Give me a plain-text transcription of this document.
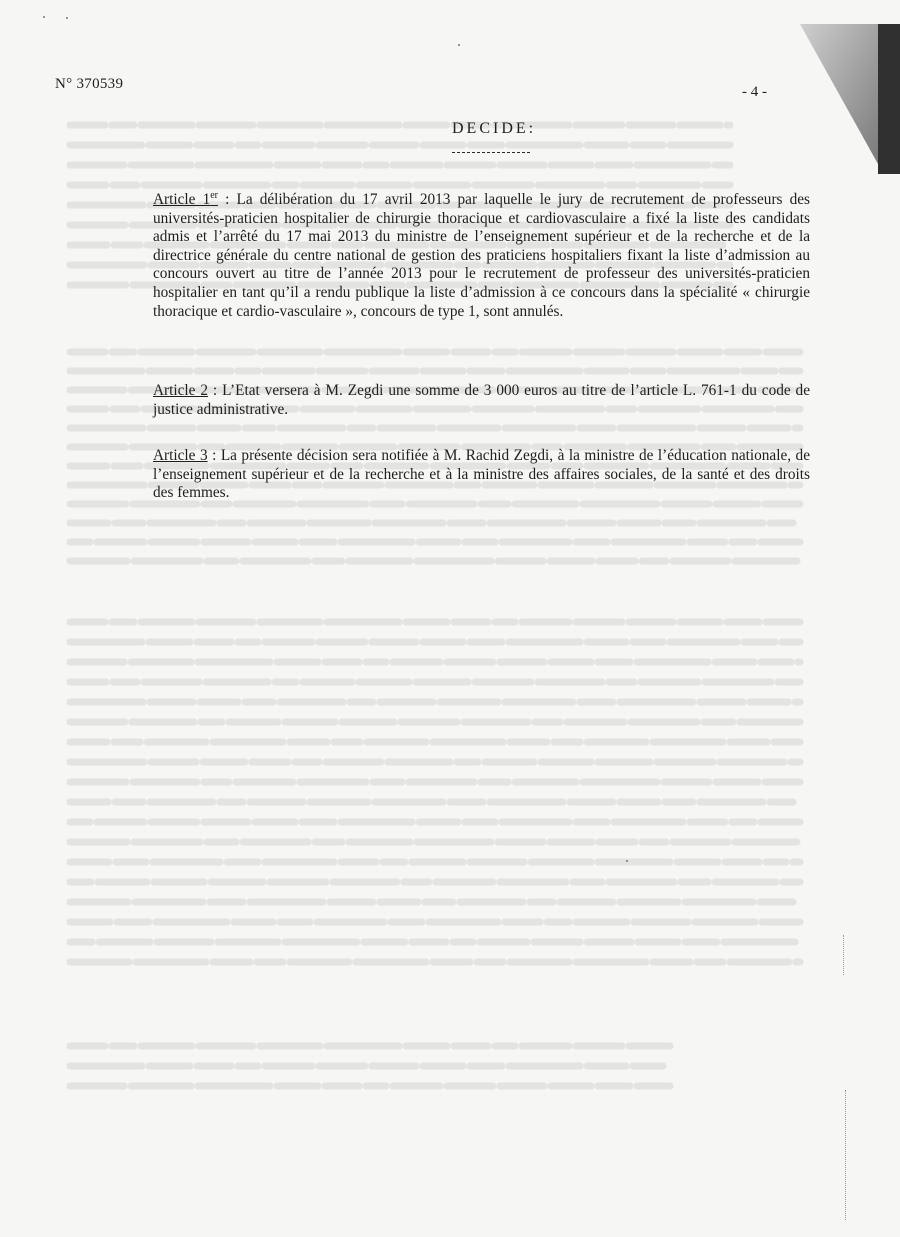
N° 370539	- 4 -
DECIDE:
Article 1er : La délibération du 17 avril 2013 par laquelle le jury de recrutement de professeurs des universités-praticien hospitalier de chirurgie thoracique et cardiovasculaire a fixé la liste des candidats admis et l’arrêté du 17 mai 2013 du ministre de l’enseignement supérieur et de la recherche et de la directrice générale du centre national de gestion des praticiens hospitaliers fixant la liste d’admission au concours ouvert au titre de l’année 2013 pour le recrutement de professeur des universités-praticien hospitalier en tant qu’il a rendu publique la liste d’admission à ce concours dans la spécialité « chirurgie thoracique et cardio-vasculaire », concours de type 1, sont annulés.
Article 2 : L’Etat versera à M. Zegdi une somme de 3 000 euros au titre de l’article L. 761-1 du code de justice administrative.
Article 3 : La présente décision sera notifiée à M. Rachid Zegdi, à la ministre de l’éducation nationale, de l’enseignement supérieur et de la recherche et à la ministre des affaires sociales, de la santé et des droits des femmes.
